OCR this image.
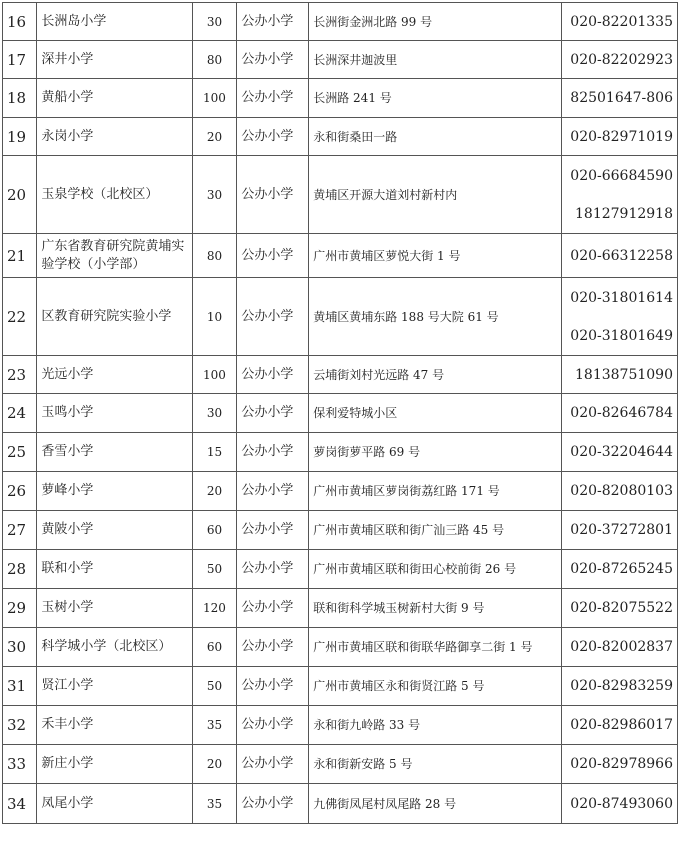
16	长洲岛小学	30	公办小学	长洲街金洲北路 99 号	020-82201335

17	深井小学	80	公办小学	长洲深井迦波里	020-82202923

18	黄船小学	100	公办小学	长洲路 241 号	82501647-806

19	永岗小学	20	公办小学	永和街桑田一路	020-82971019

20	玉泉学校（北校区）	30	公办小学	黄埔区开源大道刘村新村内	020-66684590
18127912918

21	广东省教育研究院黄埔实验学校（小学部）	80	公办小学	广州市黄埔区萝悦大街 1 号	020-66312258

22	区教育研究院实验小学	10	公办小学	黄埔区黄埔东路 188 号大院 61 号	020-31801614
020-31801649

23	光远小学	100	公办小学	云埔街刘村光远路 47 号	18138751090

24	玉鸣小学	30	公办小学	保利爱特城小区	020-82646784

25	香雪小学	15	公办小学	萝岗街萝平路 69 号	020-32204644

26	萝峰小学	20	公办小学	广州市黄埔区萝岗街荔红路 171 号	020-82080103

27	黄陂小学	60	公办小学	广州市黄埔区联和街广汕三路 45 号	020-37272801

28	联和小学	50	公办小学	广州市黄埔区联和街田心校前街 26 号	020-87265245

29	玉树小学	120	公办小学	联和街科学城玉树新村大街 9 号	020-82075522

30	科学城小学（北校区）	60	公办小学	广州市黄埔区联和街联华路御享二街 1 号	020-82002837

31	贤江小学	50	公办小学	广州市黄埔区永和街贤江路 5 号	020-82983259

32	禾丰小学	35	公办小学	永和街九岭路 33 号	020-82986017

33	新庄小学	20	公办小学	永和街新安路 5 号	020-82978966

34	凤尾小学	35	公办小学	九佛街凤尾村凤尾路 28 号	020-87493060
